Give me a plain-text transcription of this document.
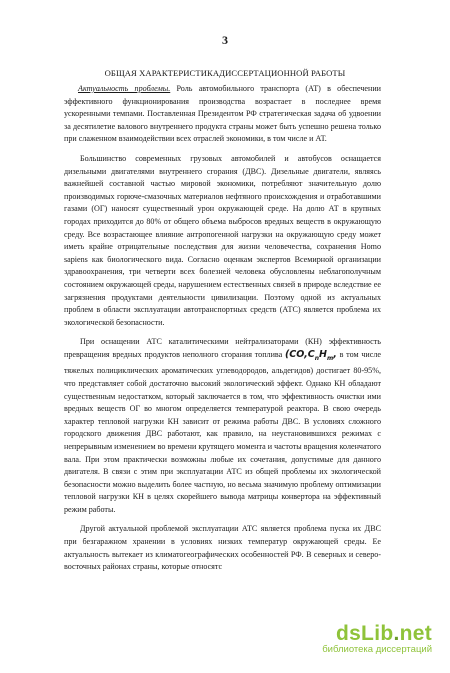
3
ОБЩАЯ ХАРАКТЕРИСТИКАДИССЕРТАЦИОННОЙ РАБОТЫ

Актуальность проблемы. Роль автомобильного транспорта (АТ) в обеспечении эффективного функционирования производства возрастает в последнее время ускоренными темпами. Поставленная Президентом РФ стратегическая задача об удвоении за десятилетие валового внутреннего продукта страны может быть успешно решена только при слаженном взаимодействии всех отраслей экономики, в том числе и АТ.

Большинство современных грузовых автомобилей и автобусов оснащается дизельными двигателями внутреннего сгорания (ДВС). Дизельные двигатели, являясь важнейшей составной частью мировой экономики, потребляют значительную долю производимых горюче-смазочных материалов нефтяного происхождения и отработавшими газами (ОГ) наносят существенный урон окружающей среде. На долю АТ в крупных городах приходится до 80% от общего объема выбросов вредных веществ в окружающую среду. Все возрастающее влияние антропогенной нагрузки на окружающую среду может иметь крайне отрицательные последствия для жизни человечества, сохранения Homo sapiens как биологического вида. Согласно оценкам экспертов Всемирной организации здравоохранения, три четверти всех болезней человека обусловлены неблагополучным состоянием окружающей среды, нарушением естественных связей в природе вследствие ее загрязнения продуктами деятельности цивилизации. Поэтому одной из актуальных проблем в области эксплуатации автотранспортных средств (АТС) является проблема их экологической безопасности.

При оснащении АТС каталитическими нейтрализаторами (КН) эффективность превращения вредных продуктов неполного сгорания топлива ($CO,C_nH_m$, в том числе тяжелых полициклических ароматических углеводородов, альдегидов) достигает 80-95%, что представляет собой достаточно высокий экологический эффект. Однако КН обладают существенным недостатком, который заключается в том, что эффективность очистки ими вредных веществ ОГ во многом определяется температурой реактора. В свою очередь характер тепловой нагрузки КН зависит от режима работы ДВС. В условиях сложного городского движения ДВС работают, как правило, на неустановившихся режимах с непрерывным изменением во времени крутящего момента и частоты вращения коленчатого вала. При этом практически возможны любые их сочетания, допустимые для данного двигателя. В связи с этим при эксплуатации АТС из общей проблемы их экологической безопасности можно выделить более частную, но весьма значимую проблему оптимизации тепловой нагрузки КН в целях скорейшего вывода матрицы конвертора на эффективный режим работы.

Другой актуальной проблемой эксплуатации АТС является проблема пуска их ДВС при безгаражном хранении в условиях низких температур окружающей среды. Ее актуальность вытекает из климатогеографических особенностей РФ. В северных и северо-восточных районах страны, которые относятс

dsLib.net
библиотека диссертаций
